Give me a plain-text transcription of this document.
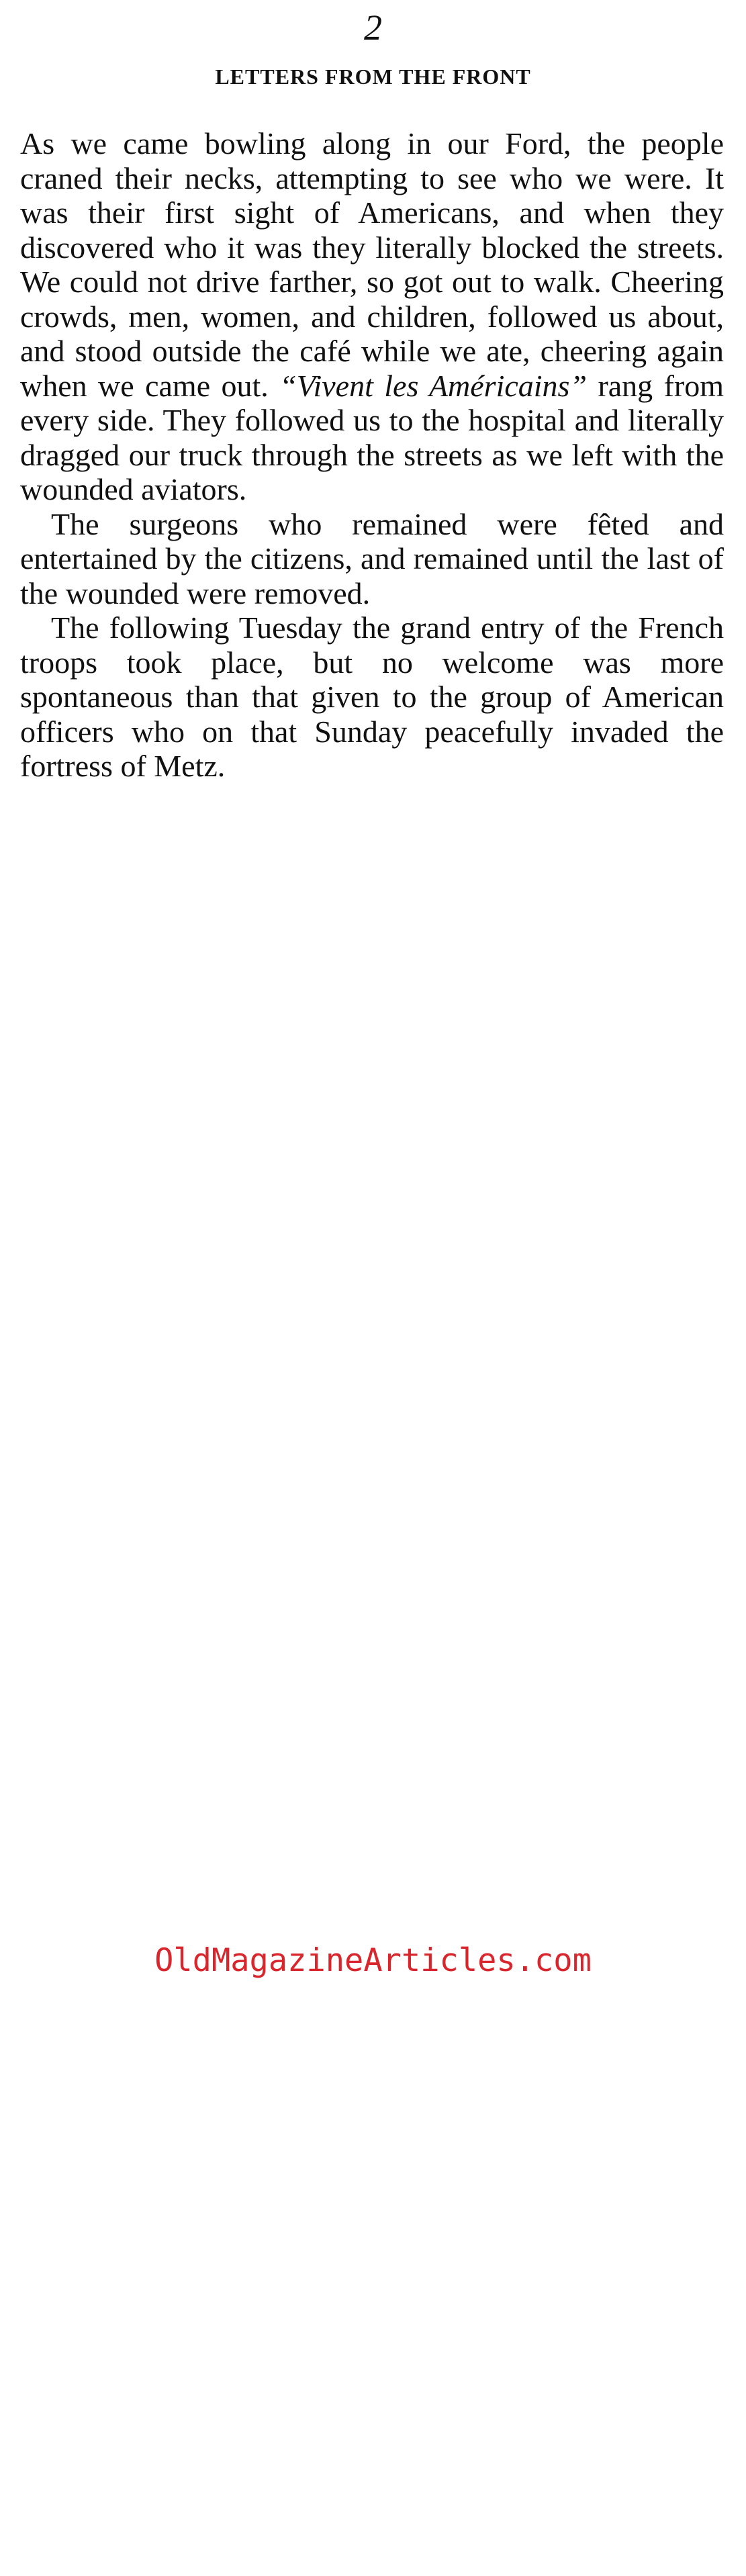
2
LETTERS FROM THE FRONT

As we came bowling along in our Ford, the people craned their necks, attempting to see who we were. It was their first sight of Americans, and when they discovered who it was they literally blocked the streets. We could not drive farther, so got out to walk. Cheering crowds, men, women, and children, followed us about, and stood outside the café while we ate, cheering again when we came out. “Vivent les Américains” rang from every side. They followed us to the hospital and literally dragged our truck through the streets as we left with the wounded aviators.

The surgeons who remained were fêted and entertained by the citizens, and remained until the last of the wounded were removed.

The following Tuesday the grand entry of the French troops took place, but no welcome was more spontaneous than that given to the group of American officers who on that Sunday peacefully invaded the fortress of Metz.

OldMagazineArticles.com
